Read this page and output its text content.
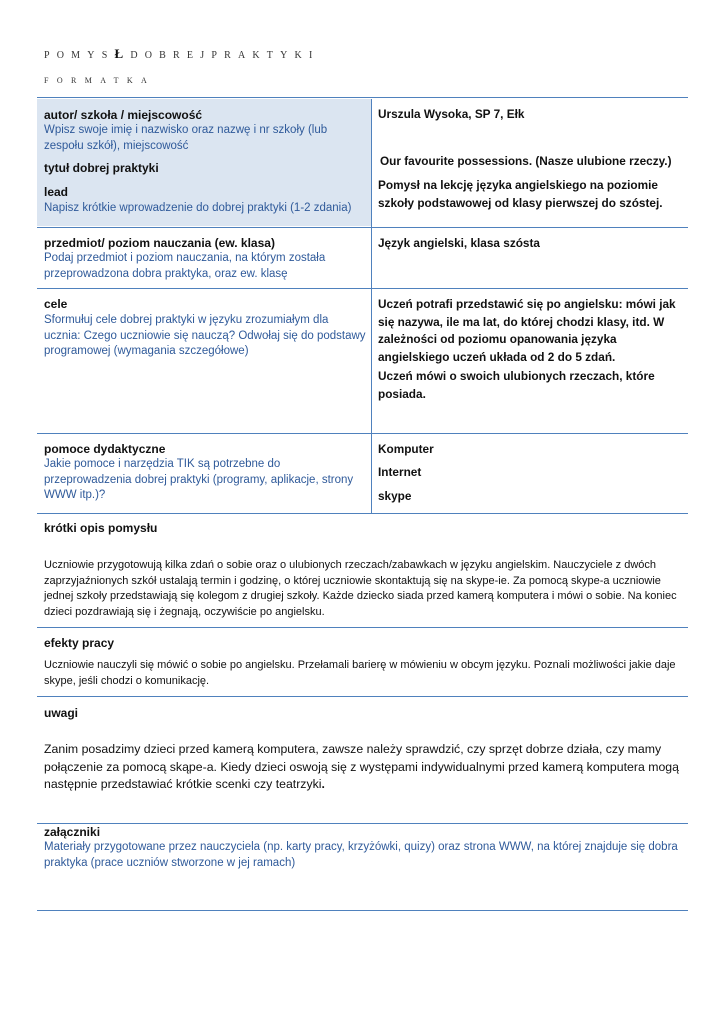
POMYSŁDOBREJPRAKTYKI
FORMATKA
autor/ szkoła / miejscowość
Wpisz swoje imię i nazwisko oraz nazwę i nr szkoły (lub zespołu szkół), miejscowość
tytuł dobrej praktyki
lead
Napisz krótkie wprowadzenie do dobrej praktyki (1-2 zdania)
Urszula Wysoka, SP 7, Ełk
Our favourite possessions. (Nasze ulubione rzeczy.)
Pomysł na lekcję języka angielskiego na poziomie szkoły podstawowej od klasy pierwszej do szóstej.
przedmiot/ poziom nauczania (ew. klasa)
Podaj przedmiot i poziom nauczania, na którym została przeprowadzona dobra praktyka, oraz ew. klasę
Język angielski, klasa szósta
cele
Sformułuj cele dobrej praktyki w języku zrozumiałym dla ucznia: Czego uczniowie się nauczą? Odwołaj się do podstawy programowej (wymagania szczegółowe)
Uczeń potrafi przedstawić się po angielsku: mówi jak się nazywa, ile ma lat, do której chodzi klasy, itd. W zależności od poziomu opanowania języka angielskiego uczeń układa od 2 do 5 zdań.
Uczeń mówi o swoich ulubionych rzeczach, które posiada.
pomoce dydaktyczne
Jakie pomoce i narzędzia TIK są potrzebne do przeprowadzenia dobrej praktyki (programy, aplikacje, strony WWW itp.)?
Komputer
Internet
skype
krótki opis pomysłu
Uczniowie przygotowują kilka zdań o sobie oraz o ulubionych rzeczach/zabawkach w języku angielskim. Nauczyciele z dwóch zaprzyjaźnionych szkół ustalają termin i godzinę, o której uczniowie skontaktują się na skype-ie. Za pomocą skype-a uczniowie jednej szkoły przedstawiają się kolegom z drugiej szkoły. Każde dziecko siada przed kamerą komputera i mówi o sobie. Na koniec dzieci pozdrawiają się i żegnają, oczywiście po angielsku.
efekty pracy
Uczniowie nauczyli się mówić o sobie po angielsku. Przełamali barierę w mówieniu w obcym języku. Poznali możliwości jakie daje skype, jeśli chodzi o komunikację.
uwagi
Zanim posadzimy dzieci przed kamerą komputera, zawsze należy sprawdzić, czy sprzęt dobrze działa, czy mamy połączenie za pomocą skąpe-a. Kiedy dzieci oswoją się z występami indywidualnymi przed kamerą komputera mogą następnie przedstawiać krótkie scenki czy teatrzyki.
załączniki
Materiały przygotowane przez nauczyciela (np. karty pracy, krzyżówki, quizy) oraz strona WWW, na której znajduje się dobra praktyka (prace uczniów stworzone w jej ramach)
